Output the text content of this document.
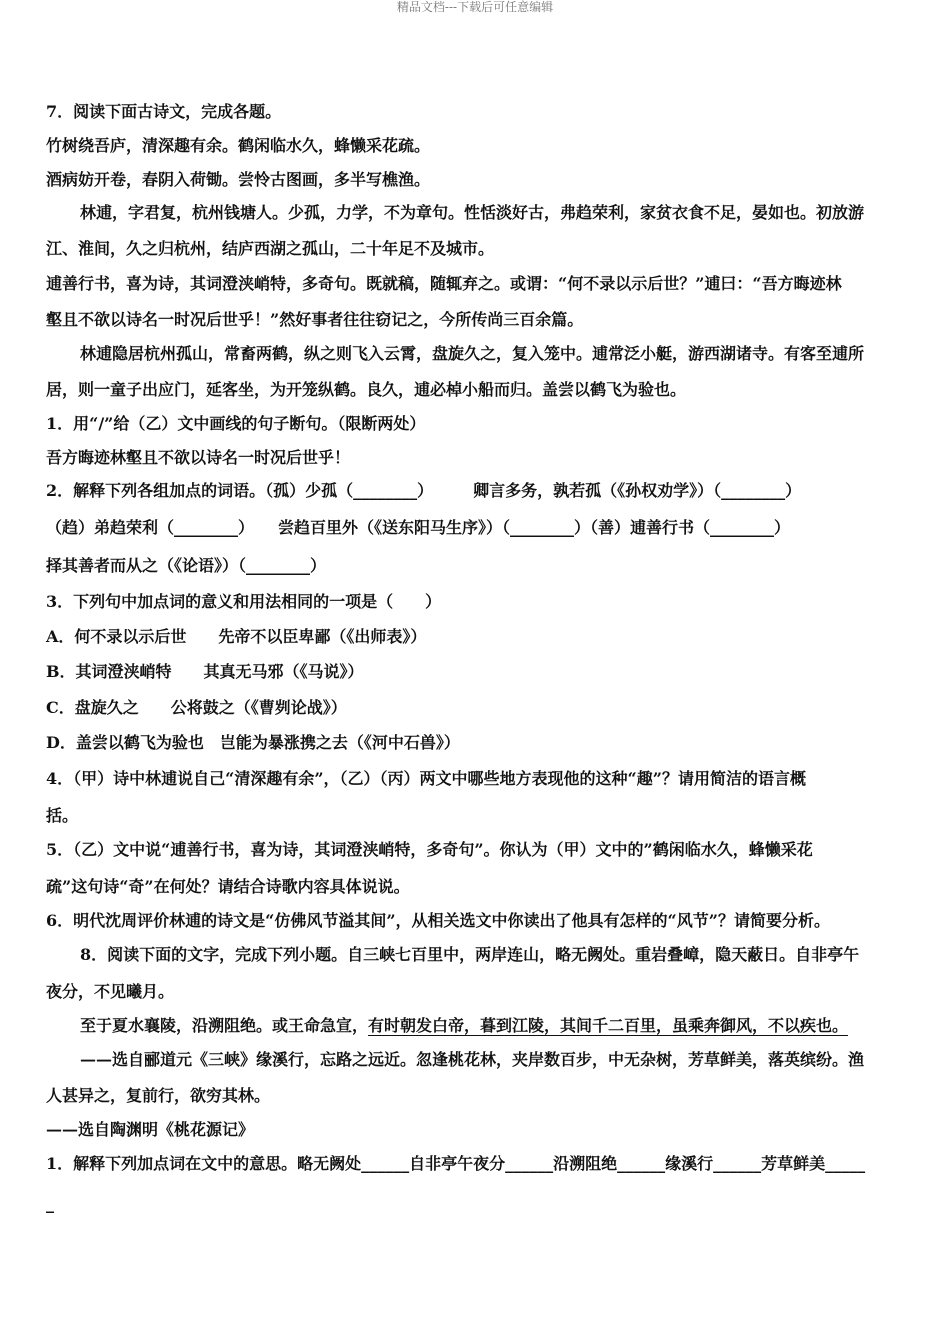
精品文档---下载后可任意编辑
7．阅读下面古诗文，完成各题。
竹树绕吾庐，清深趣有余。鹤闲临水久，蜂懒采花疏。
酒病妨开卷，春阴入荷锄。尝怜古图画，多半写樵渔。
林逋，字君复，杭州钱塘人。少孤，力学，不为章句。性恬淡好古，弗趋荣利，家贫衣食不足，晏如也。初放游
江、淮间，久之归杭州，结庐西湖之孤山，二十年足不及城市。
逋善行书，喜为诗，其词澄浃峭特，多奇句。既就稿，随辄弃之。或谓：“何不录以示后世？”逋曰：“吾方晦迹林
壑且不欲以诗名一时况后世乎！”然好事者往往窃记之，今所传尚三百余篇。
林逋隐居杭州孤山，常畜两鹤，纵之则飞入云霄，盘旋久之，复入笼中。逋常泛小艇，游西湖诸寺。有客至逋所
居，则一童子出应门，延客坐，为开笼纵鹤。良久，逋必棹小船而归。盖尝以鹤飞为验也。
1．用“/”给（乙）文中画线的句子断句。（限断两处）
吾方晦迹林壑且不欲以诗名一时况后世乎！
2．解释下列各组加点的词语。（孤）少孤（________）　　　卿言多务，孰若孤（《孙权劝学》）（________）
（趋）弟趋荣利（________）　　尝趋百里外（《送东阳马生序》）（________）（善）逋善行书（________）
择其善者而从之（《论语》）（________）
3．下列句中加点词的意义和用法相同的一项是（　　）
A．何不录以示后世　　先帝不以臣卑鄙（《出师表》）
B．其词澄浃峭特　　其真无马邪（《马说》）
C．盘旋久之　　公将鼓之（《曹刿论战》）
D．盖尝以鹤飞为验也　岂能为暴涨携之去（《河中石兽》）
4．（甲）诗中林逋说自己“清深趣有余”，（乙）（丙）两文中哪些地方表现他的这种“趣”？请用简洁的语言概
括。
5．（乙）文中说“逋善行书，喜为诗，其词澄浃峭特，多奇句”。你认为（甲）文中的”鹤闲临水久，蜂懒采花
疏”这句诗“奇”在何处？请结合诗歌内容具体说说。
6．明代沈周评价林逋的诗文是“仿佛风节溢其间”，从相关选文中你读出了他具有怎样的“风节”？请简要分析。
8．阅读下面的文字，完成下列小题。自三峡七百里中，两岸连山，略无阙处。重岩叠嶂，隐天蔽日。自非亭午
夜分，不见曦月。
至于夏水襄陵，沿溯阻绝。或王命急宣，有时朝发白帝，暮到江陵，其间千二百里，虽乘奔御风，不以疾也。
——选自郦道元《三峡》缘溪行，忘路之远近。忽逢桃花林，夹岸数百步，中无杂树，芳草鲜美，落英缤纷。渔
人甚异之，复前行，欲穷其林。
——选自陶渊明《桃花源记》
1．解释下列加点词在文中的意思。略无阙处______自非亭午夜分______沿溯阻绝______缘溪行______芳草鲜美_____
_
